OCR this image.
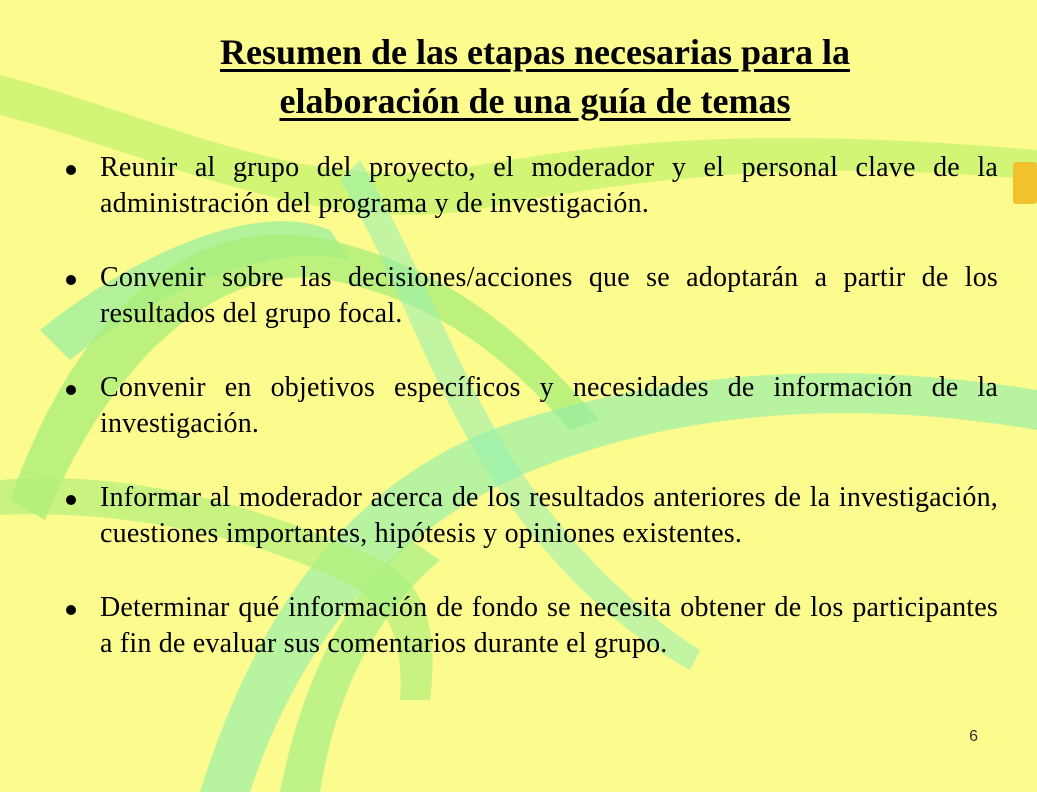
Resumen de las etapas necesarias para la
elaboración de una guía de temas
Reunir al grupo del proyecto, el moderador y el personal clave de la administración del programa y de investigación.
Convenir sobre las decisiones/acciones que se adoptarán a partir de los resultados del grupo focal.
Convenir en objetivos específicos y necesidades de información de la investigación.
Informar al moderador acerca de los resultados anteriores de la investigación, cuestiones importantes, hipótesis y opiniones existentes.
Determinar qué información de fondo se necesita obtener de los participantes a fin de evaluar sus comentarios durante el grupo.
6
